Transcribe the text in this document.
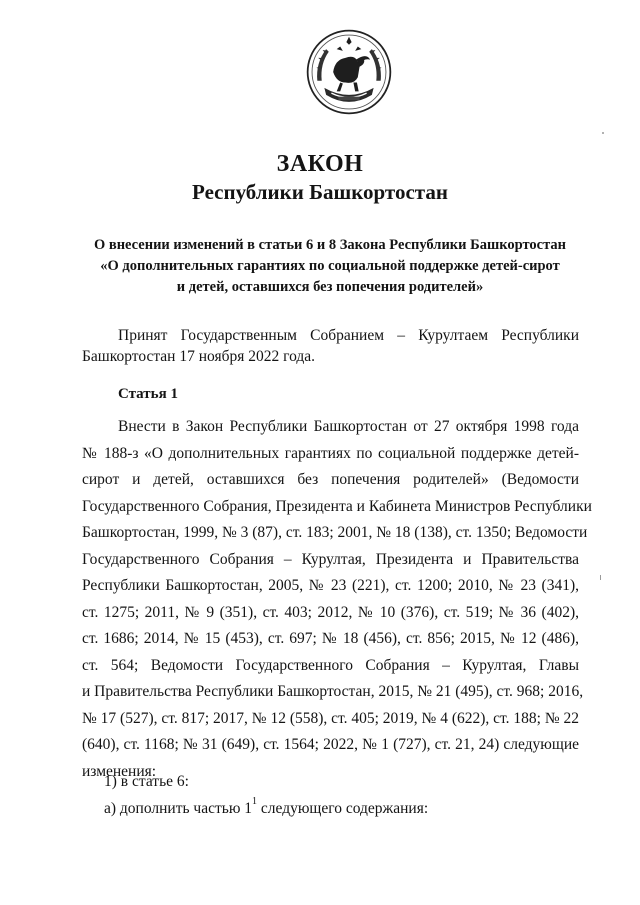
ЗАКОН
Республики Башкортостан
О внесении изменений в статьи 6 и 8 Закона Республики Башкортостан
«О дополнительных гарантиях по социальной поддержке детей-сирот
и детей, оставшихся без попечения родителей»

Принят Государственным Собранием – Курултаем Республики
Башкортостан 17 ноября 2022 года.

Статья 1

Внести в Закон Республики Башкортостан от 27 октября 1998 года
№ 188-з «О дополнительных гарантиях по социальной поддержке детей-
сирот и детей, оставшихся без попечения родителей» (Ведомости
Государственного Собрания, Президента и Кабинета Министров Республики
Башкортостан, 1999, № 3 (87), ст. 183; 2001, № 18 (138), ст. 1350; Ведомости
Государственного Собрания – Курултая, Президента и Правительства
Республики Башкортостан, 2005, № 23 (221), ст. 1200; 2010, № 23 (341),
ст. 1275; 2011, № 9 (351), ст. 403; 2012, № 10 (376), ст. 519; № 36 (402),
ст. 1686; 2014, № 15 (453), ст. 697; № 18 (456), ст. 856; 2015, № 12 (486),
ст. 564; Ведомости Государственного Собрания – Курултая, Главы
и Правительства Республики Башкортостан, 2015, № 21 (495), ст. 968; 2016,
№ 17 (527), ст. 817; 2017, № 12 (558), ст. 405; 2019, № 4 (622), ст. 188; № 22
(640), ст. 1168; № 31 (649), ст. 1564; 2022, № 1 (727), ст. 21, 24) следующие
изменения:

1) в статье 6:

а) дополнить частью $1^1$ следующего содержания:
